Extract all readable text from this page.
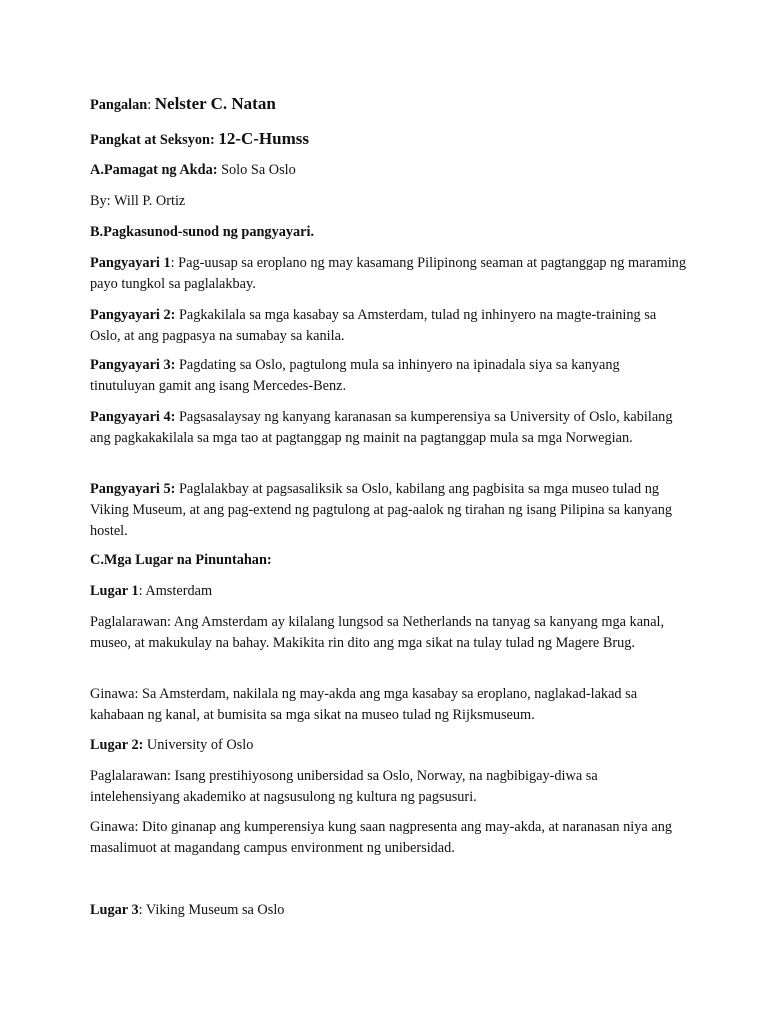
Pangalan: Nelster C. Natan
Pangkat at Seksyon: 12-C-Humss
A.Pamagat ng Akda: Solo Sa Oslo
By: Will P. Ortiz
B.Pagkasunod-sunod ng pangyayari.
Pangyayari 1: Pag-uusap sa eroplano ng may kasamang Pilipinong seaman at pagtanggap ng maraming payo tungkol sa paglalakbay.
Pangyayari 2: Pagkakilala sa mga kasabay sa Amsterdam, tulad ng inhinyero na magte-training sa Oslo, at ang pagpasya na sumabay sa kanila.
Pangyayari 3: Pagdating sa Oslo, pagtulong mula sa inhinyero na ipinadala siya sa kanyang tinutuluyan gamit ang isang Mercedes-Benz.
Pangyayari 4: Pagsasalaysay ng kanyang karanasan sa kumperensiya sa University of Oslo, kabilang ang pagkakakilala sa mga tao at pagtanggap ng mainit na pagtanggap mula sa mga Norwegian.
Pangyayari 5: Paglalakbay at pagsasaliksik sa Oslo, kabilang ang pagbisita sa mga museo tulad ng Viking Museum, at ang pag-extend ng pagtulong at pag-aalok ng tirahan ng isang Pilipina sa kanyang hostel.
C.Mga Lugar na Pinuntahan:
Lugar 1: Amsterdam
Paglalarawan: Ang Amsterdam ay kilalang lungsod sa Netherlands na tanyag sa kanyang mga kanal, museo, at makukulay na bahay. Makikita rin dito ang mga sikat na tulay tulad ng Magere Brug.
Ginawa: Sa Amsterdam, nakilala ng may-akda ang mga kasabay sa eroplano, naglakad-lakad sa kahabaan ng kanal, at bumisita sa mga sikat na museo tulad ng Rijksmuseum.
Lugar 2: University of Oslo
Paglalarawan: Isang prestihiyosong unibersidad sa Oslo, Norway, na nagbibigay-diwa sa intelehensiyang akademiko at nagsusulong ng kultura ng pagsusuri.
Ginawa: Dito ginanap ang kumperensiya kung saan nagpresenta ang may-akda, at naranasan niya ang masalimuot at magandang campus environment ng unibersidad.
Lugar 3: Viking Museum sa Oslo
